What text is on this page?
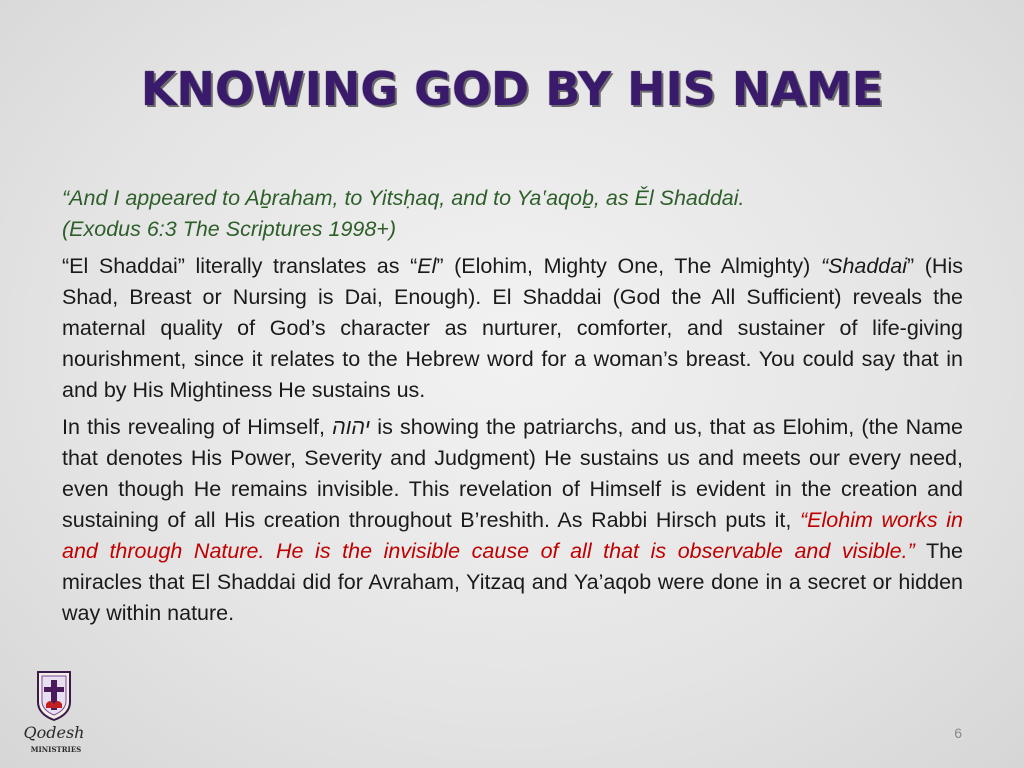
KNOWING GOD BY HIS NAME

“And I appeared to Aḇraham, to Yitsḥaq, and to Ya‛aqoḇ, as Ěl Shaddai.
(Exodus 6:3 The Scriptures 1998+)

“El Shaddai” literally translates as “El” (Elohim, Mighty One, The Almighty) “Shaddai” (His Shad, Breast or Nursing is Dai, Enough). El Shaddai (God the All Sufficient) reveals the maternal quality of God’s character as nurturer, comforter, and sustainer of life-giving nourishment, since it relates to the Hebrew word for a woman’s breast. You could say that in and by His Mightiness He sustains us.

In this revealing of Himself, יהוה is showing the patriarchs, and us, that as Elohim, (the Name that denotes His Power, Severity and Judgment) He sustains us and meets our every need, even though He remains invisible. This revelation of Himself is evident in the creation and sustaining of all His creation throughout B’reshith. As Rabbi Hirsch puts it, “Elohim works in and through Nature. He is the invisible cause of all that is observable and visible.” The miracles that El Shaddai did for Avraham, Yitzaq and Ya’aqob were done in a secret or hidden way within nature.

Qodesh
MINISTRIES
6
